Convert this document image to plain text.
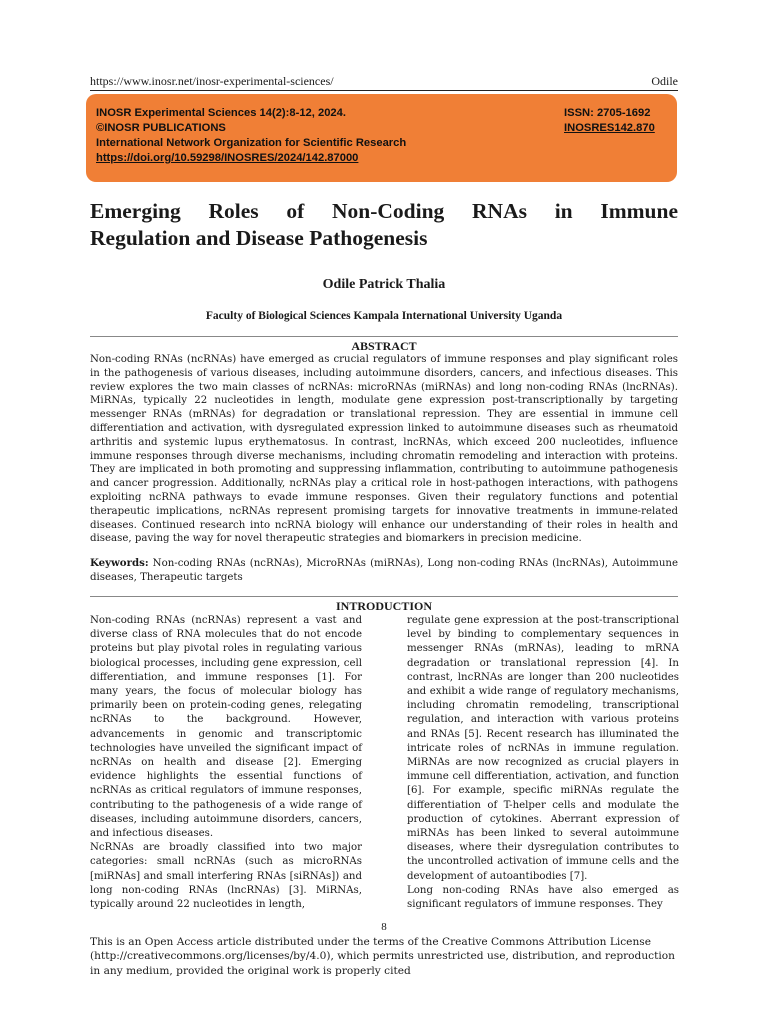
https://www.inosr.net/inosr-experimental-sciences/	Odile
INOSR Experimental Sciences 14(2):8-12, 2024.
©INOSR PUBLICATIONS
International Network Organization for Scientific Research
https://doi.org/10.59298/INOSRES/2024/142.87000
ISSN: 2705-1692
INOSRES142.870
Emerging Roles of Non-Coding RNAs in Immune
Regulation and Disease Pathogenesis
Odile Patrick Thalia
Faculty of Biological Sciences Kampala International University Uganda
ABSTRACT

Non-coding RNAs (ncRNAs) have emerged as crucial regulators of immune responses and play significant roles in the pathogenesis of various diseases, including autoimmune disorders, cancers, and infectious diseases. This review explores the two main classes of ncRNAs: microRNAs (miRNAs) and long non-coding RNAs (lncRNAs). MiRNAs, typically 22 nucleotides in length, modulate gene expression post-transcriptionally by targeting messenger RNAs (mRNAs) for degradation or translational repression. They are essential in immune cell differentiation and activation, with dysregulated expression linked to autoimmune diseases such as rheumatoid arthritis and systemic lupus erythematosus. In contrast, lncRNAs, which exceed 200 nucleotides, influence immune responses through diverse mechanisms, including chromatin remodeling and interaction with proteins. They are implicated in both promoting and suppressing inflammation, contributing to autoimmune pathogenesis and cancer progression. Additionally, ncRNAs play a critical role in host-pathogen interactions, with pathogens exploiting ncRNA pathways to evade immune responses. Given their regulatory functions and potential therapeutic implications, ncRNAs represent promising targets for innovative treatments in immune-related diseases. Continued research into ncRNA biology will enhance our understanding of their roles in health and disease, paving the way for novel therapeutic strategies and biomarkers in precision medicine.

Keywords: Non-coding RNAs (ncRNAs), MicroRNAs (miRNAs), Long non-coding RNAs (lncRNAs), Autoimmune diseases, Therapeutic targets

INTRODUCTION

Non-coding RNAs (ncRNAs) represent a vast and diverse class of RNA molecules that do not encode proteins but play pivotal roles in regulating various biological processes, including gene expression, cell differentiation, and immune responses [1]. For many years, the focus of molecular biology has primarily been on protein-coding genes, relegating ncRNAs to the background. However, advancements in genomic and transcriptomic technologies have unveiled the significant impact of ncRNAs on health and disease [2]. Emerging evidence highlights the essential functions of ncRNAs as critical regulators of immune responses, contributing to the pathogenesis of a wide range of diseases, including autoimmune disorders, cancers, and infectious diseases.

NcRNAs are broadly classified into two major categories: small ncRNAs (such as microRNAs [miRNAs] and small interfering RNAs [siRNAs]) and long non-coding RNAs (lncRNAs) [3]. MiRNAs, typically around 22 nucleotides in length,

regulate gene expression at the post-transcriptional level by binding to complementary sequences in messenger RNAs (mRNAs), leading to mRNA degradation or translational repression [4]. In contrast, lncRNAs are longer than 200 nucleotides and exhibit a wide range of regulatory mechanisms, including chromatin remodeling, transcriptional regulation, and interaction with various proteins and RNAs [5]. Recent research has illuminated the intricate roles of ncRNAs in immune regulation. MiRNAs are now recognized as crucial players in immune cell differentiation, activation, and function [6]. For example, specific miRNAs regulate the differentiation of T-helper cells and modulate the production of cytokines. Aberrant expression of miRNAs has been linked to several autoimmune diseases, where their dysregulation contributes to the uncontrolled activation of immune cells and the development of autoantibodies [7].

Long non-coding RNAs have also emerged as significant regulators of immune responses. They

8

This is an Open Access article distributed under the terms of the Creative Commons Attribution License (http://creativecommons.org/licenses/by/4.0), which permits unrestricted use, distribution, and reproduction in any medium, provided the original work is properly cited
